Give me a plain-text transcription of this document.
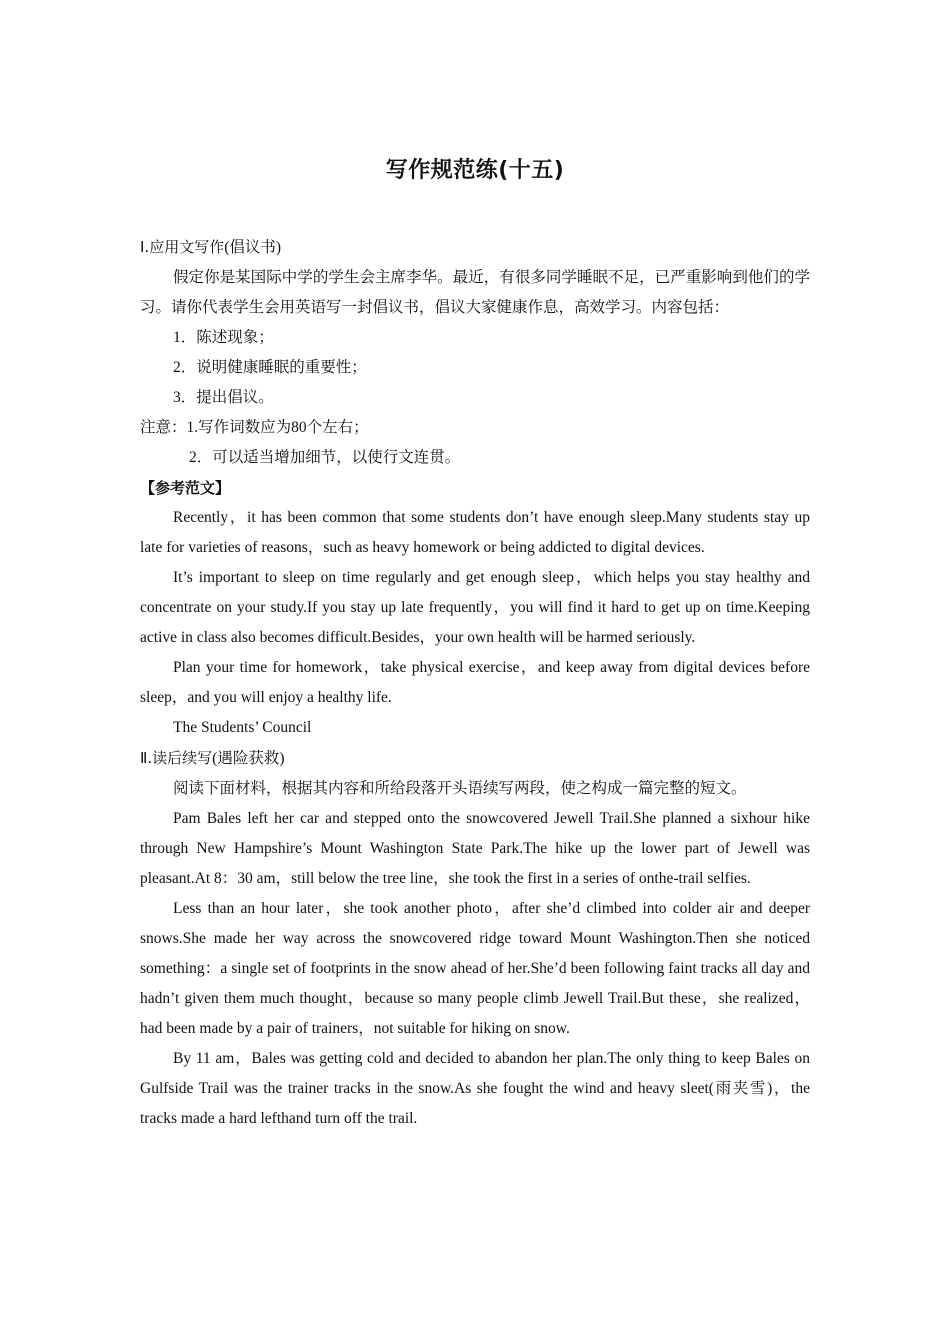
写作规范练(十五)

Ⅰ.应用文写作(倡议书)

假定你是某国际中学的学生会主席李华。最近，有很多同学睡眠不足，已严重影响到他们的学习。请你代表学生会用英语写一封倡议书，倡议大家健康作息，高效学习。内容包括：

1．陈述现象；

2．说明健康睡眠的重要性；

3．提出倡议。

注意：1.写作词数应为80个左右；

2．可以适当增加细节，以使行文连贯。

【参考范文】

Recently，it has been common that some students don’t have enough sleep.Many students stay up late for varieties of reasons，such as heavy homework or being addicted to digital devices.

It’s important to sleep on time regularly and get enough sleep，which helps you stay healthy and concentrate on your study.If you stay up late frequently，you will find it hard to get up on time.Keeping active in class also becomes difficult.Besides，your own health will be harmed seriously.

Plan your time for homework，take physical exercise，and keep away from digital devices before sleep，and you will enjoy a healthy life.

The Students’ Council

Ⅱ.读后续写(遇险获救)

阅读下面材料，根据其内容和所给段落开头语续写两段，使之构成一篇完整的短文。

Pam Bales left her car and stepped onto the snowcovered Jewell Trail.She planned a sixhour hike through New Hampshire’s Mount Washington State Park.The hike up the lower part of Jewell was pleasant.At 8：30 am，still below the tree line，she took the first in a series of onthe-trail selfies.

Less than an hour later，she took another photo，after she’d climbed into colder air and deeper snows.She made her way across the snowcovered ridge toward Mount Washington.Then she noticed something：a single set of footprints in the snow ahead of her.She’d been following faint tracks all day and hadn’t given them much thought，because so many people climb Jewell Trail.But these，she realized，had been made by a pair of trainers，not suitable for hiking on snow.

By 11 am，Bales was getting cold and decided to abandon her plan.The only thing to keep Bales on Gulfside Trail was the trainer tracks in the snow.As she fought the wind and heavy sleet(雨夹雪)，the tracks made a hard lefthand turn off the trail.
